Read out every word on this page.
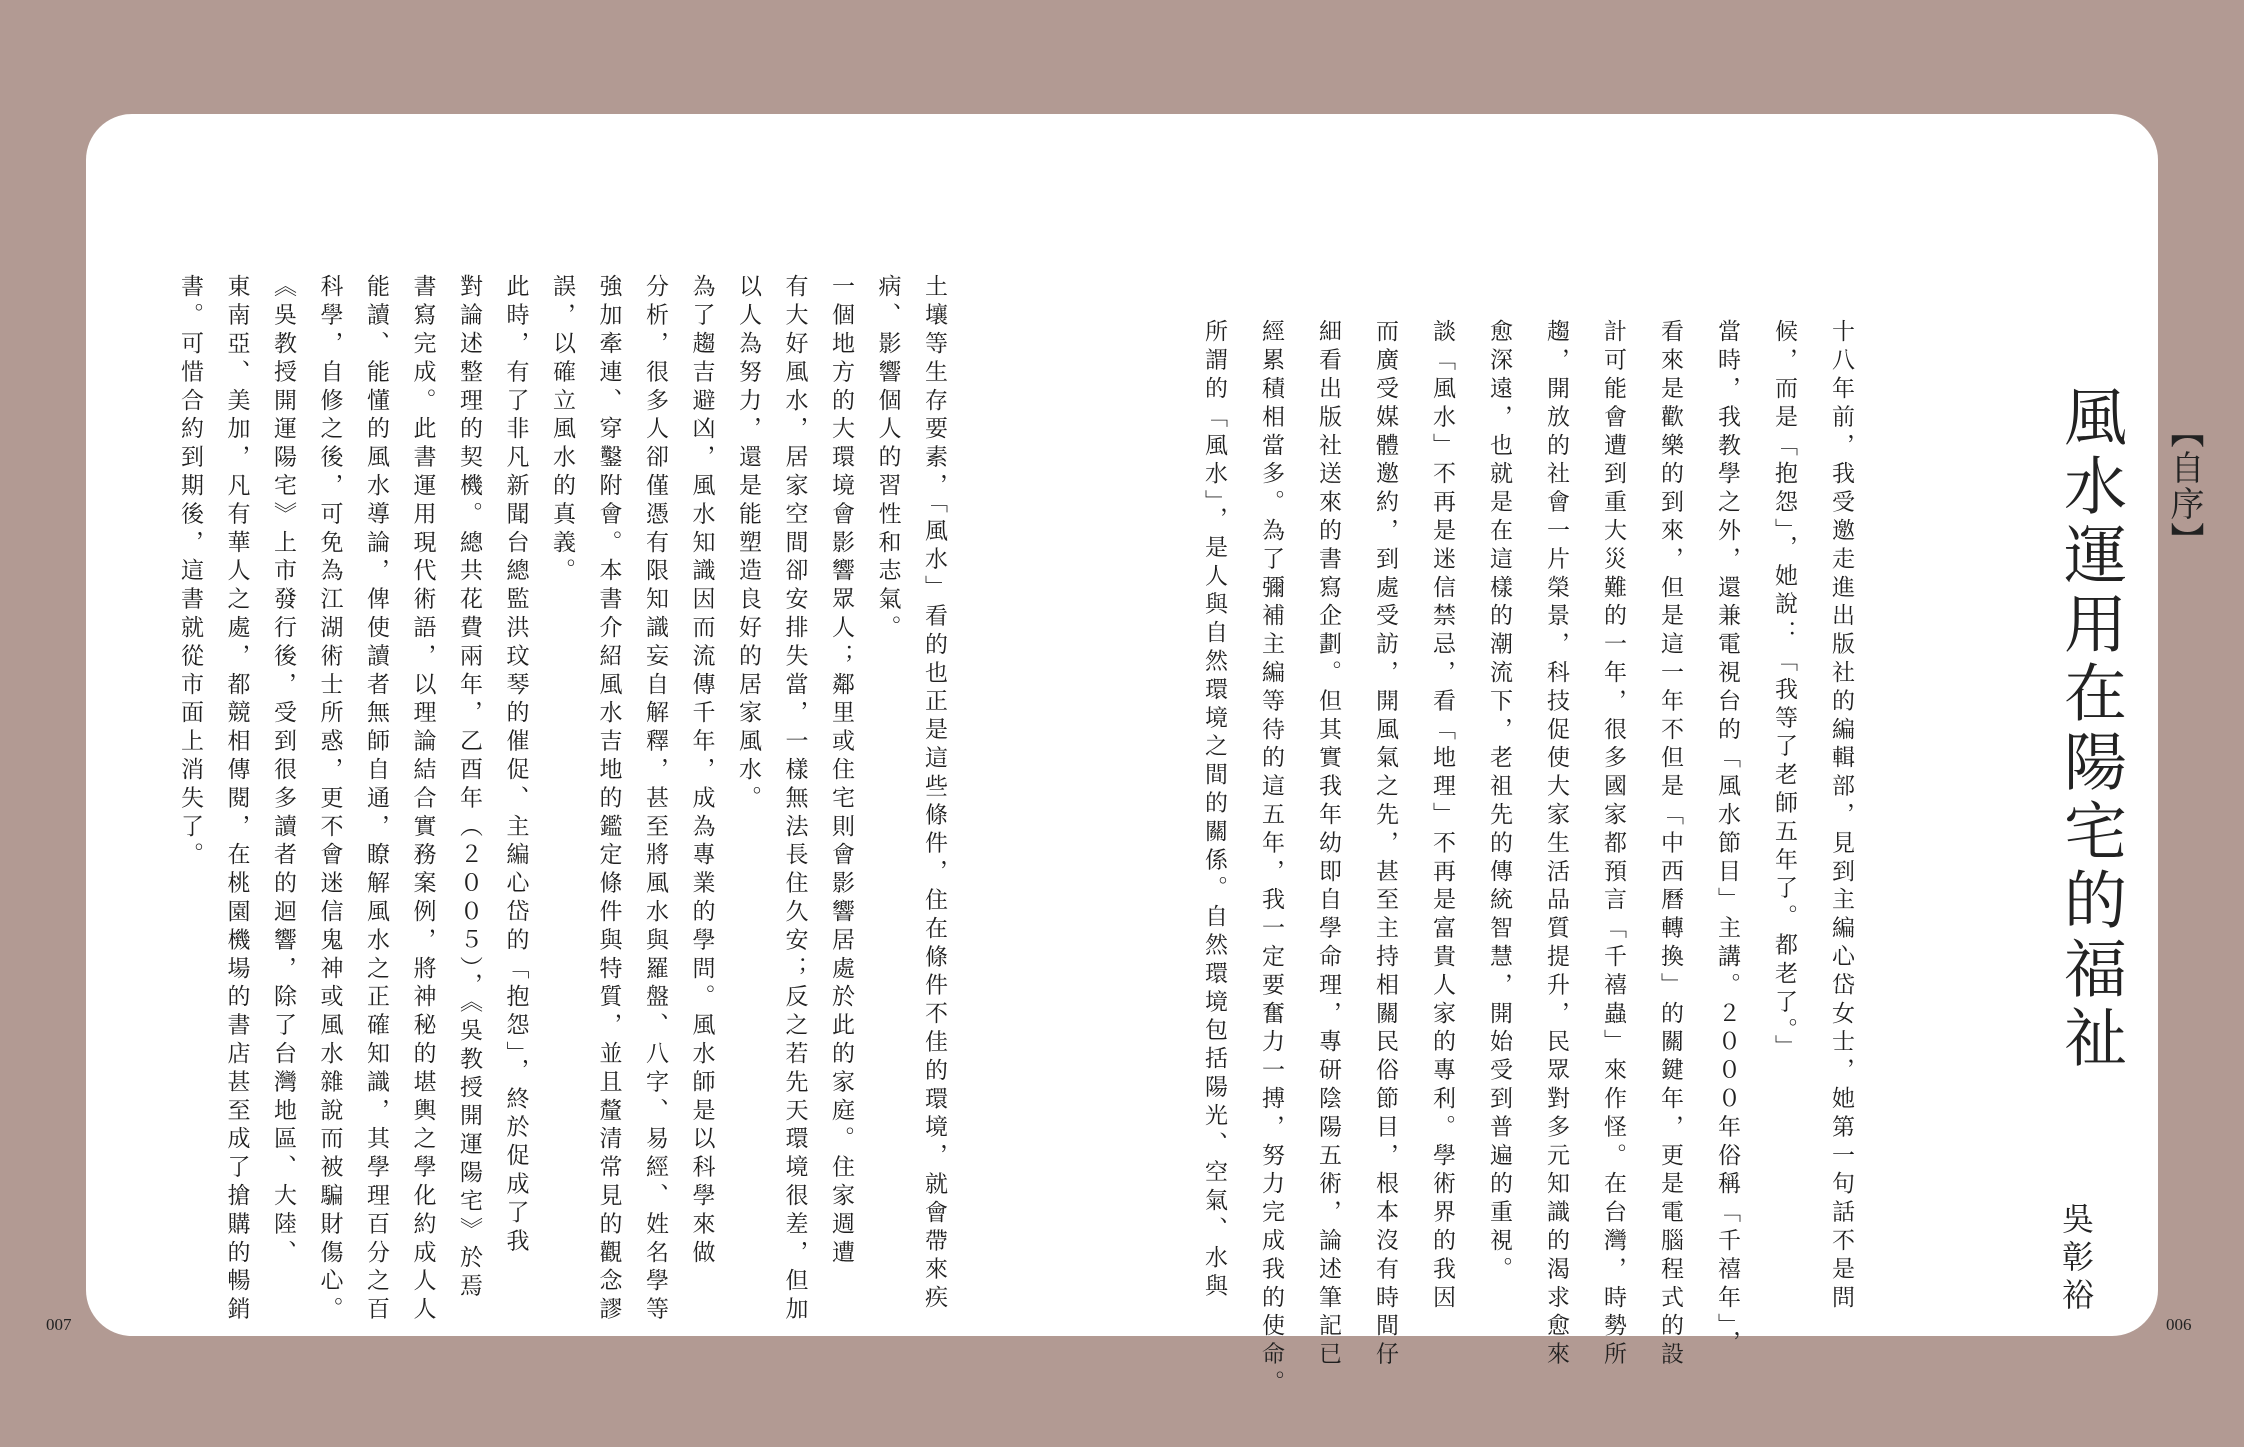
【自序】
風水運用在陽宅的福祉
吳彰裕
十八年前，我受邀走進出版社的編輯部，見到主編心岱女士，她第一句話不是問
候，而是「抱怨」，她說：「我等了老師五年了。都老了。」
當時，我教學之外，還兼電視台的「風水節目」主講。２０００年俗稱「千禧年」，
看來是歡樂的到來，但是這一年不但是「中西曆轉換」的關鍵年，更是電腦程式的設
計可能會遭到重大災難的一年，很多國家都預言「千禧蟲」來作怪。在台灣，時勢所
趨，開放的社會一片榮景，科技促使大家生活品質提升，民眾對多元知識的渴求愈來
愈深遠，也就是在這樣的潮流下，老祖先的傳統智慧，開始受到普遍的重視。
談「風水」不再是迷信禁忌，看「地理」不再是富貴人家的專利。學術界的我因
而廣受媒體邀約，到處受訪，開風氣之先，甚至主持相關民俗節目，根本沒有時間仔
細看出版社送來的書寫企劃。但其實我年幼即自學命理，專研陰陽五術，論述筆記已
經累積相當多。為了彌補主編等待的這五年，我一定要奮力一搏，努力完成我的使命。
所謂的「風水」，是人與自然環境之間的關係。自然環境包括陽光、空氣、水與
土壤等生存要素，「風水」看的也正是這些條件，住在條件不佳的環境，就會帶來疾
病、影響個人的習性和志氣。
一個地方的大環境會影響眾人；鄰里或住宅則會影響居處於此的家庭。住家週遭
有大好風水，居家空間卻安排失當，一樣無法長住久安；反之若先天環境很差，但加
以人為努力，還是能塑造良好的居家風水。
為了趨吉避凶，風水知識因而流傳千年，成為專業的學問。風水師是以科學來做
分析，很多人卻僅憑有限知識妄自解釋，甚至將風水與羅盤、八字、易經、姓名學等
強加牽連、穿鑿附會。本書介紹風水吉地的鑑定條件與特質，並且釐清常見的觀念謬
誤，以確立風水的真義。
此時，有了非凡新聞台總監洪玟琴的催促、主編心岱的「抱怨」，終於促成了我
對論述整理的契機。總共花費兩年，乙酉年（２００５），《吳教授開運陽宅》於焉
書寫完成。此書運用現代術語，以理論結合實務案例，將神秘的堪輿之學化約成人人
能讀、能懂的風水導論，俾使讀者無師自通，瞭解風水之正確知識，其學理百分之百
科學，自修之後，可免為江湖術士所惑，更不會迷信鬼神或風水雜說而被騙財傷心。
《吳教授開運陽宅》上市發行後，受到很多讀者的迴響，除了台灣地區、大陸、
東南亞、美加，凡有華人之處，都競相傳閱，在桃園機場的書店甚至成了搶購的暢銷
書。可惜合約到期後，這書就從市面上消失了。
007	006
